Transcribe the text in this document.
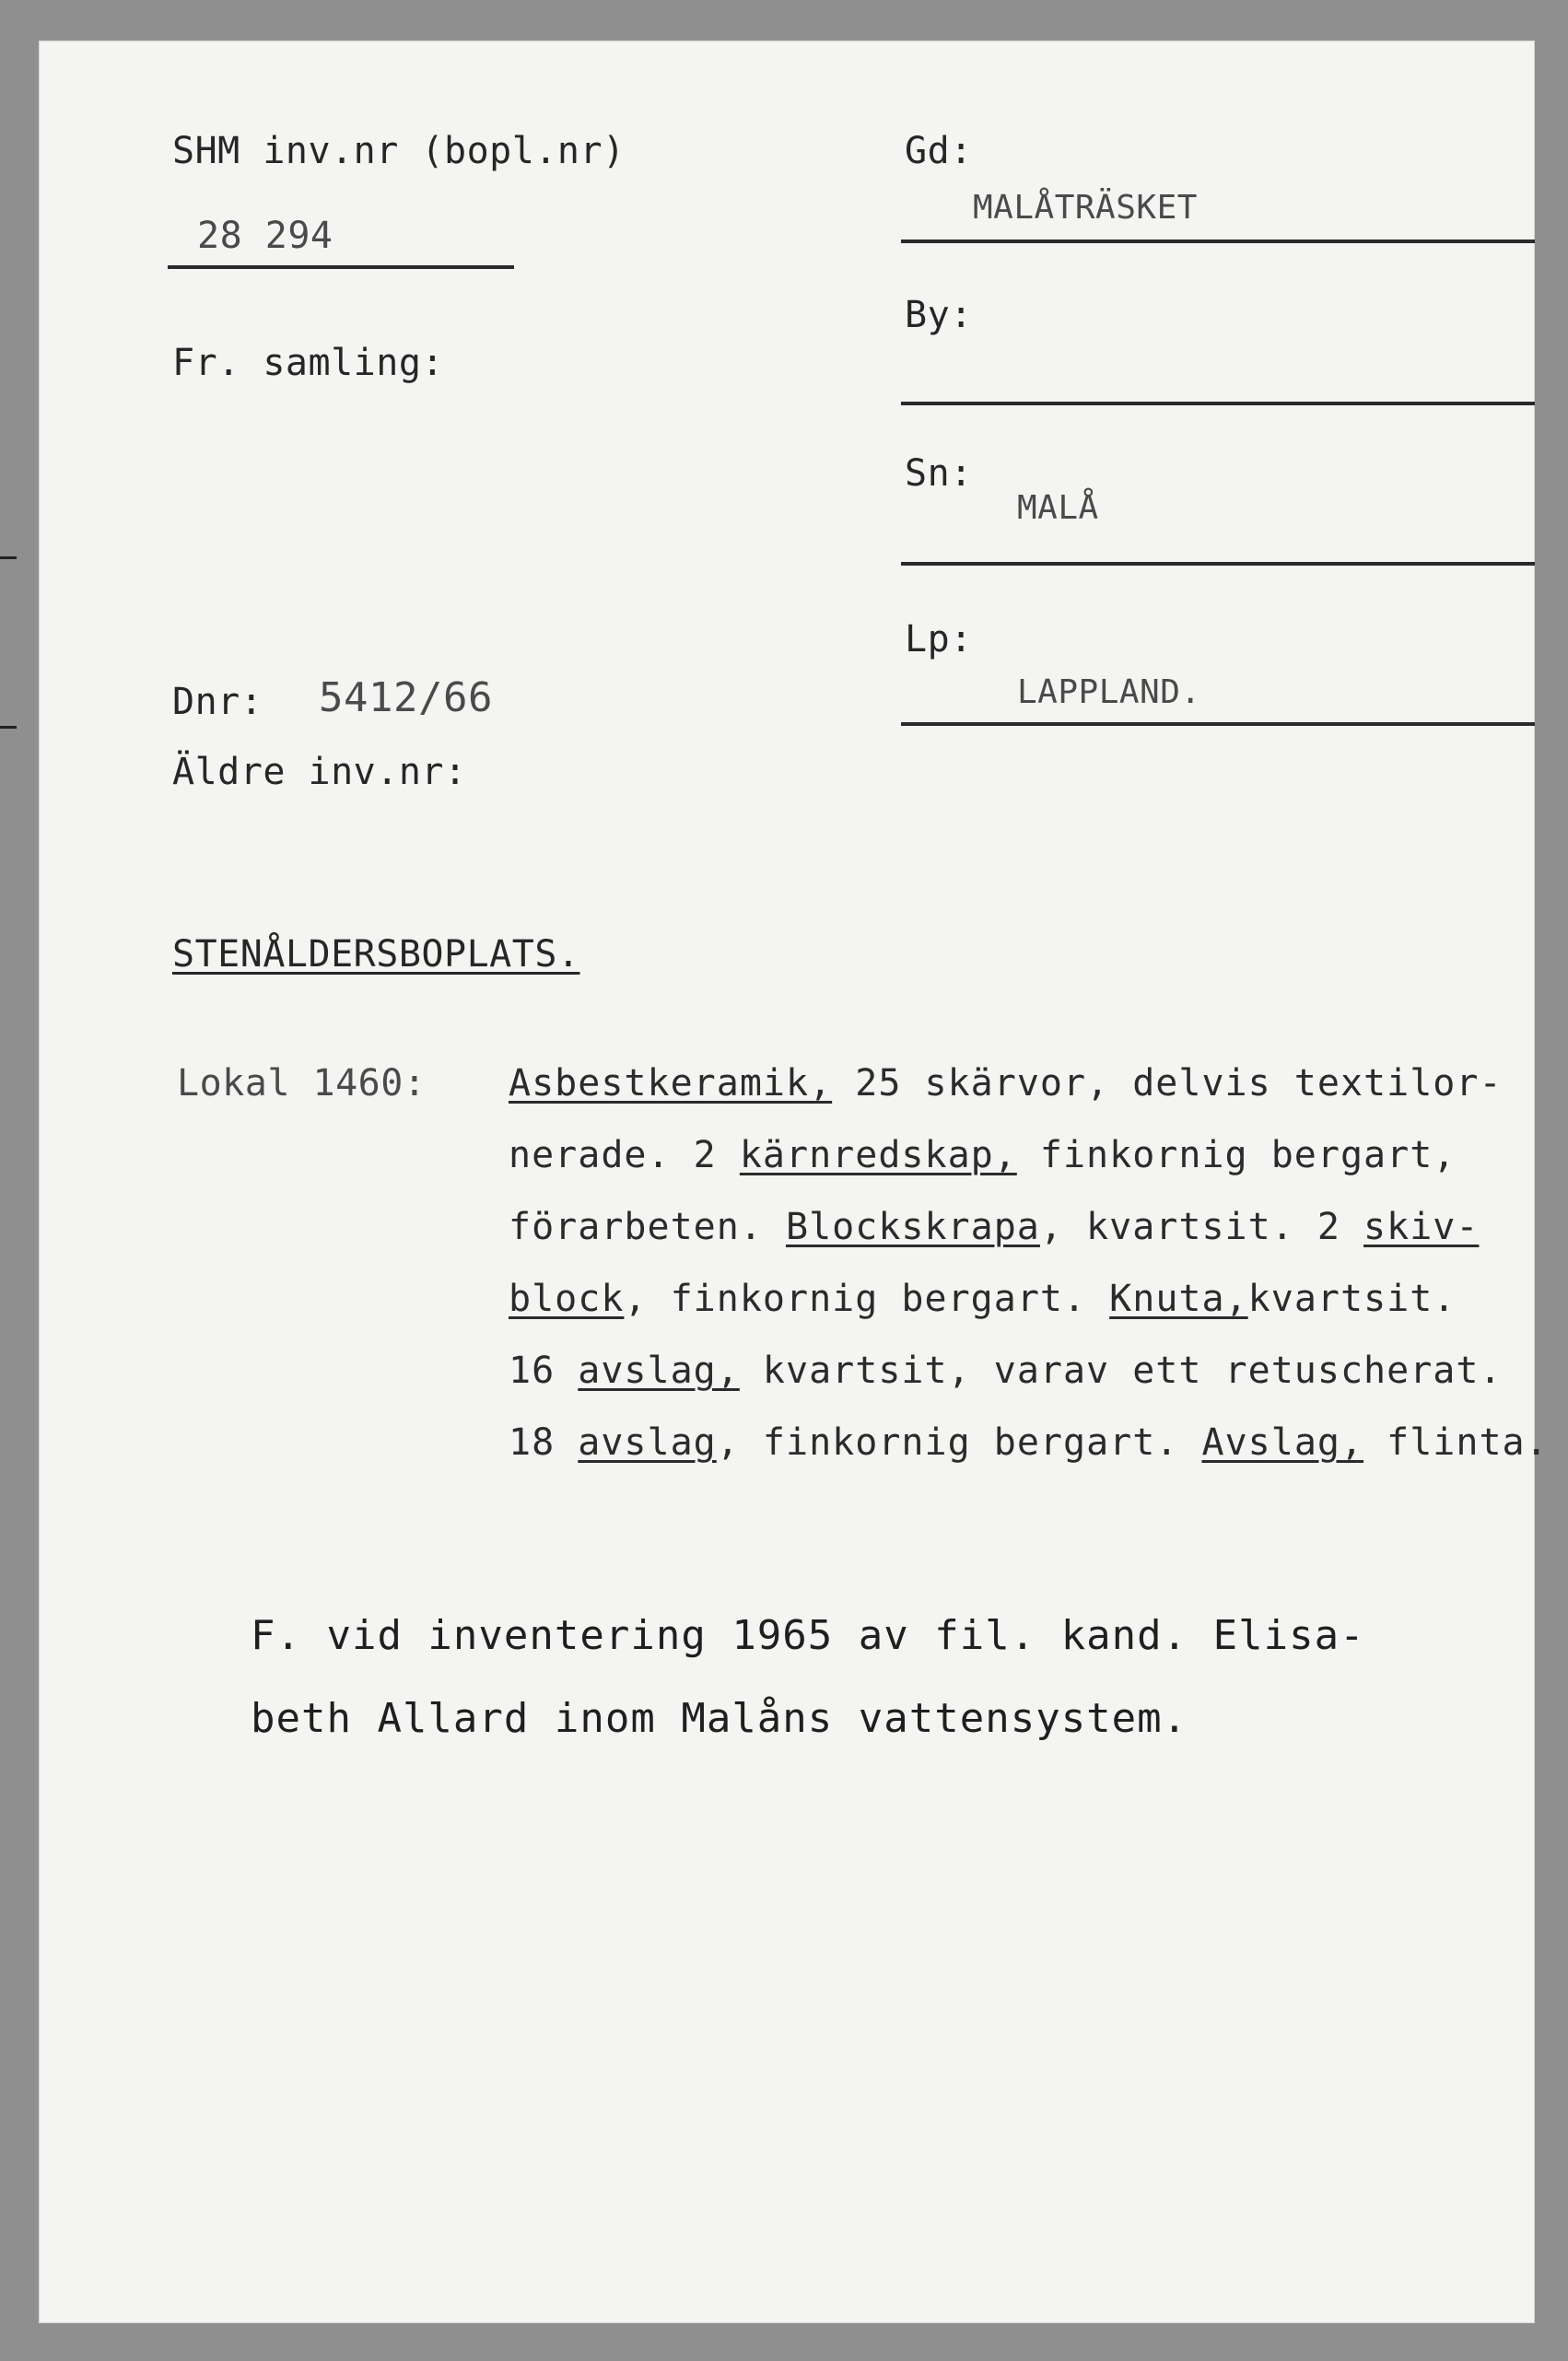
SHM inv.nr (bopl.nr)
28 294
Fr. samling:
Dnr: 5412/66
Äldre inv.nr:
Gd:
MALÅTRÄSKET
By:
Sn:
MALÅ
Lp:
LAPPLAND.
STENÅLDERSBOPLATS.
Lokal 1460: Asbestkeramik, 25 skärvor, delvis textilor-
nerade. 2 kärnredskap, finkornig bergart,
förarbeten. Blockskrapa, kvartsit. 2 skiv-
block, finkornig bergart. Knuta,kvartsit.
16 avslag, kvartsit, varav ett retuscherat.
18 avslag, finkornig bergart. Avslag, flinta.
F. vid inventering 1965 av fil. kand. Elisa-
beth Allard inom Malåns vattensystem.
